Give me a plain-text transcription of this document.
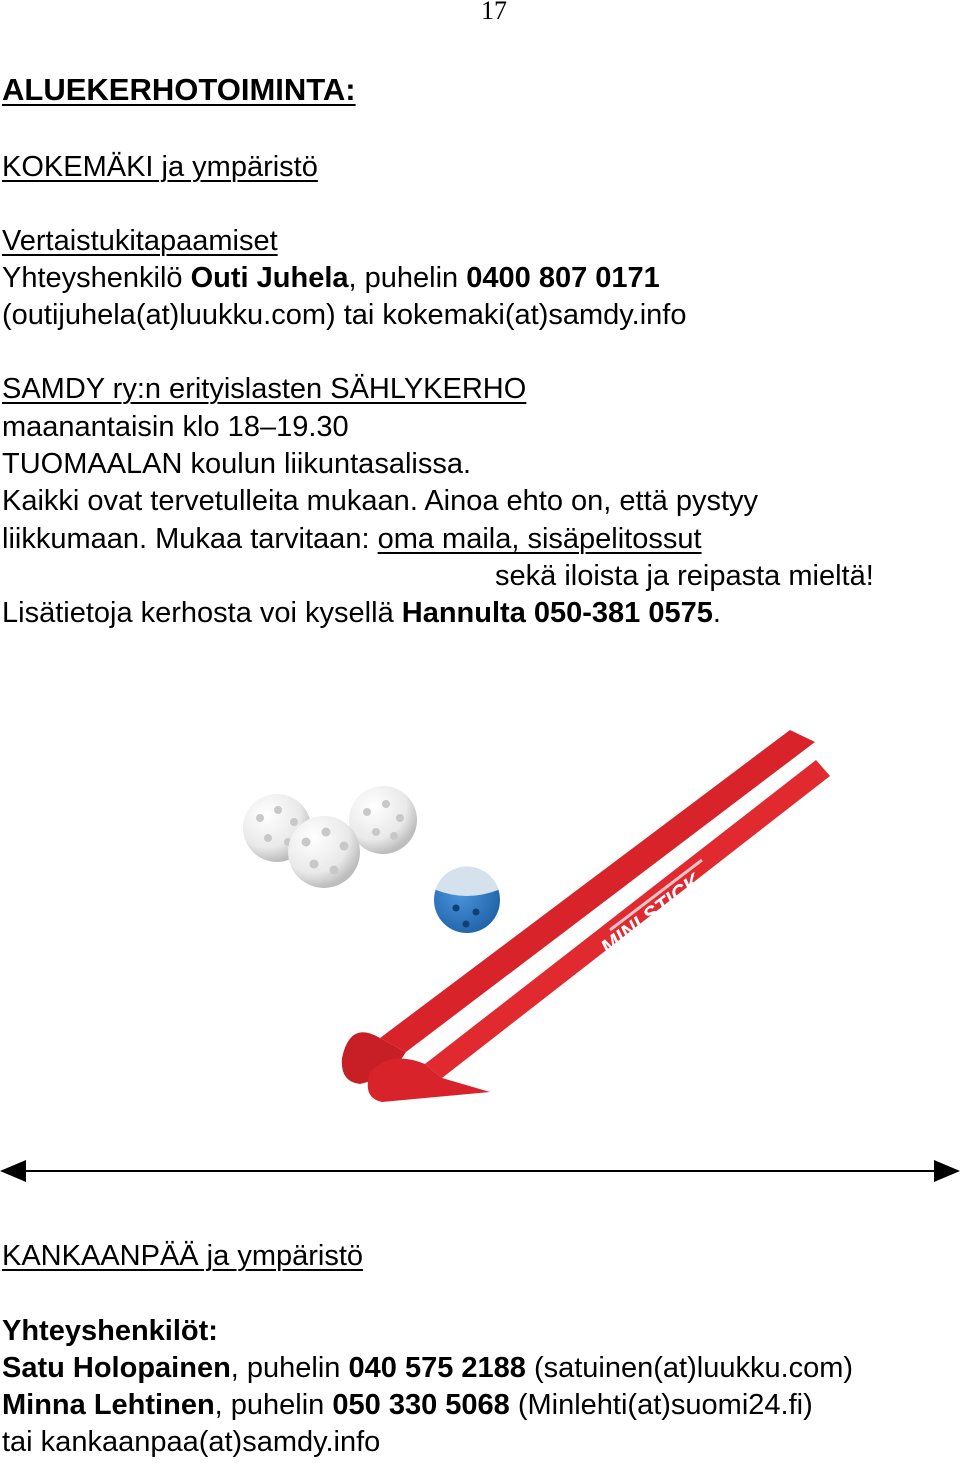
17
ALUEKERHOTOIMINTA:
KOKEMÄKI ja ympäristö
Vertaistukitapaamiset
Yhteyshenkilö Outi Juhela, puhelin 0400 807 0171
(outijuhela(at)luukku.com) tai kokemaki(at)samdy.info
SAMDY ry:n erityislasten SÄHLYKERHO
maanantaisin klo 18–19.30
TUOMAALAN koulun liikuntasalissa.
Kaikki ovat tervetulleita mukaan. Ainoa ehto on, että pystyy
liikkumaan. Mukaa tarvitaan: oma maila, sisäpelitossut
sekä iloista ja reipasta mieltä!
Lisätietoja kerhosta voi kysellä Hannulta 050-381 0575.
MINI STICK
KANKAANPÄÄ ja ympäristö
Yhteyshenkilöt:
Satu Holopainen, puhelin 040 575 2188 (satuinen(at)luukku.com)
Minna Lehtinen, puhelin 050 330 5068 (Minlehti(at)suomi24.fi)
tai kankaanpaa(at)samdy.info
